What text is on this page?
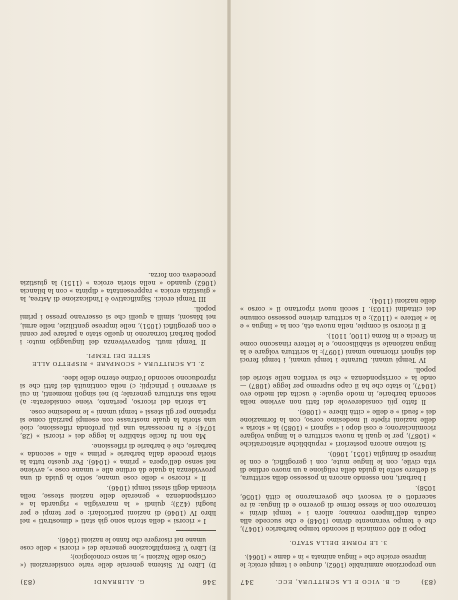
346
G. ALIBRANDI
(83)

D) Libro IV. Sistema generale delle varie considerazioni (« Corso delle Nazioni », in senso cronologico);

E) Libro V. Esemplificazione generale dei « ricorsi » delle cose umane nel risorgere che fanno le nazioni (1046).

I « ricorsi » della storia sono già stati « dimostrati » nel libro IV (1046) di nazioni particolari: e per tempi e per luoghi (423); quindi « la maraviglia » riguarda la « corrispondenza » generale delle nazioni stesse, nella vicenda degli stessi tempi (1046).

Il « ricorso » delle cose umane, sotto la guida di una provvidenza la quale dà ordine alle « umane cose », avviene nel senso dell'opera « prima » (1046). Per questo tutta la storia procede dalla barbarie « prima » alla « seconda » barbarie, che è barbarie di riflessione.

Ma non fu facile stabilire la legge dei « ricorsi » (28, 1074): e fu necessaria una più profonda riflessione, cioè una storia la quale mostrasse con esempi parziali come si ripetano per gli stessi « tempi umani » le medesime cose.

La storia del ricorso, pertanto, viene considerata: a) nella sua struttura generale; b) nei singoli momenti, in cui si avverano i principii; c) nella continuità dei fatti che si riproducono secondo l'ordine eterno delle idee.

2. LA SCRITTURA « SCOMPARE » RISPETTO ALLE SETTE DEI TEMPI.

II Tempi muti. Sopravvivenza del linguaggio muto: i popoli barbari tornarono in quello stato a parlare per cenni e con geroglifici (1051), nelle imprese gentilizie, nelle armi, nei blasoni, simili a quelli che si osservano presso i primi popoli.

III Tempi eroici. Significativo è l'indicazione di Astrea, la « giustizia eroica » rappresentata « dipinta » con la bilancia (1062) quando « nella storia eroica » (1151) la giustizia procedeva con forza.

(83)
G. B. VICO E LA SCRITTURA, ECC.
347

uno proporzione ammirabile (1062), dunque e i tempi eroici; le imprese eroiche che « lingua animata » in « dame » (1064).

3. LE FORME DELLA STATO.

Dopo il 400 comincia il secondo tempo barbarico (1047), che è tempo veramente divino (1048) e che succede alla caduta dell'Impero romano; allora i « tempi divini » tornarono con le stesse forme di governo e di lingua: ai re sacerdoti e ai vescovi che governarono le città (1056, 1058).

I barbari, non essendo ancora in possesso della scrittura, si dettero sotto la guida della religione a un nuovo ordine di vita civile, con le lingue mute, con i geroglifici, e con le imprese di famiglia (1051, 1060).

Si notano ancora posteriori « repubbliche aristocratiche » (1087), per le quali la nuova scrittura e la lingua volgare ricominciarono; e così dopo i « signori » (1085) la « storia » delle nazioni ripete il medesimo corso, con la formazione dei « feudi » e delle « città libere » (1086).

Il fatto più considerevole dei fatti non avviene nella seconda barbarie, in modo eguale: è uscita dal medio evo (1047), lo stato che ha il capo supremo per legge (1087) — onde la « corrispondenza » che si verifica nelle storie dei popoli.

IV Tempi umani. Durante i tempi umani, i tempi feroci dei signori ritornano umani (1097): la scrittura volgare e la lingua nazionale si stabiliscono, e le lettere rinascono come in Grecia e in Roma (1100, 1101).

E il ricorso si compie, nella nuova età, con la « lingua » e le « lettere » (1102); e la scrittura diviene possesso comune dei cittadini (1103). I secoli nuovi riportano il « corso » delle nazioni (1104).
